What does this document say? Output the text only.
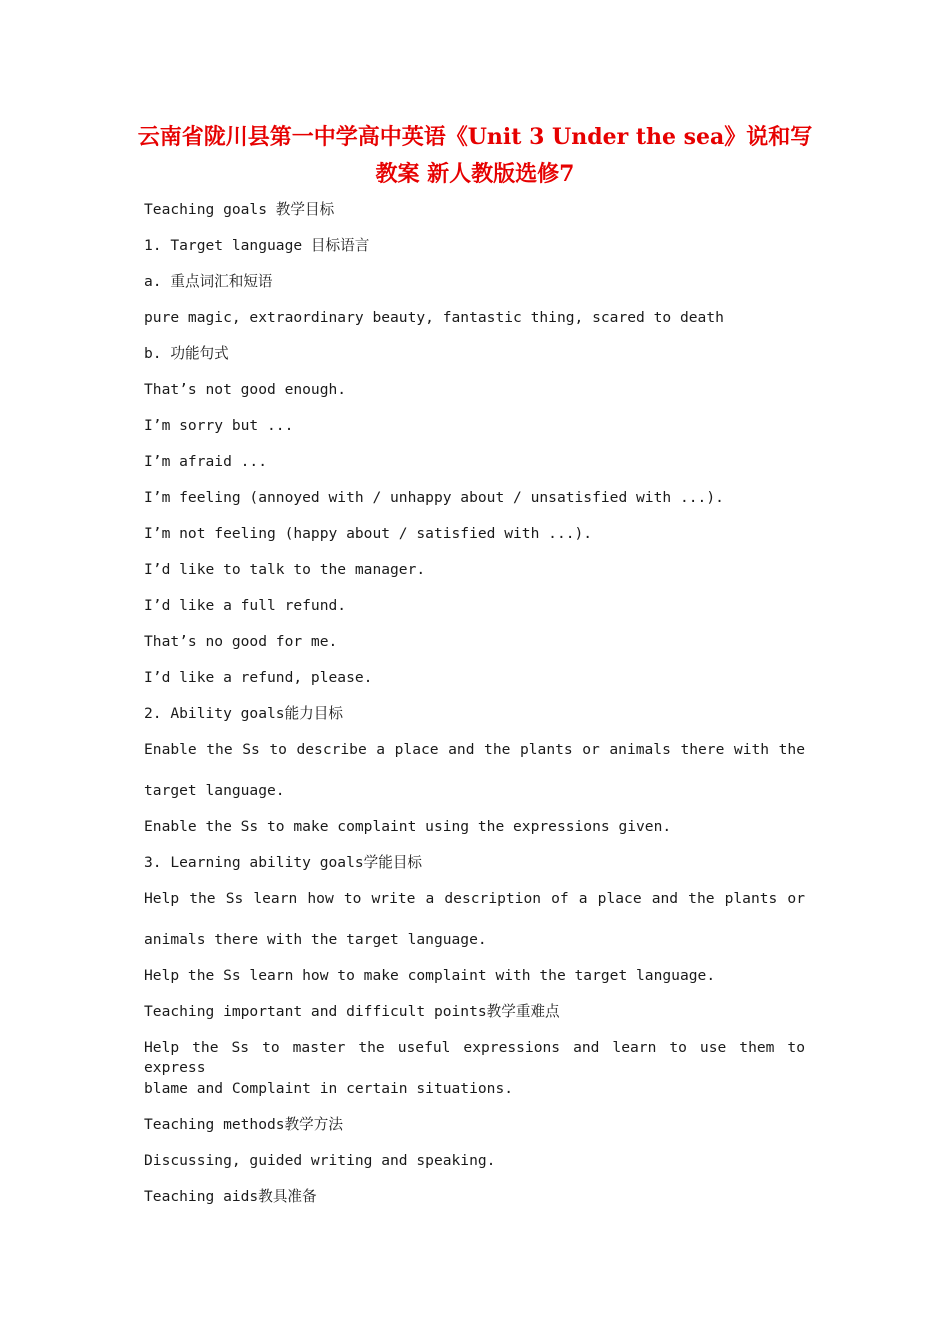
云南省陇川县第一中学高中英语《Unit 3 Under the sea》说和写
教案 新人教版选修7
Teaching goals 教学目标
1. Target language 目标语言
a. 重点词汇和短语
pure magic, extraordinary beauty, fantastic thing, scared to death
b. 功能句式
That’s not good enough.
I’m sorry but ...
I’m afraid ...
I’m feeling (annoyed with / unhappy about / unsatisfied with ...).
I’m not feeling (happy about / satisfied with ...).
I’d like to talk to the manager.
I’d like a full refund.
That’s no good for me.
I’d like a refund, please.
2. Ability goals能力目标
Enable the Ss to describe a place and the plants or animals there with the
target language.
Enable the Ss to make complaint using the expressions given.
3. Learning ability goals学能目标
Help the Ss learn how to write a description of a place and the plants or
animals there with the target language.
Help the Ss learn how to make complaint with the target language.
Teaching important and difficult points教学重难点
Help the Ss to master the useful expressions and learn to use them to express
blame and Complaint in certain situations.
Teaching methods教学方法
Discussing, guided writing and speaking.
Teaching aids教具准备
